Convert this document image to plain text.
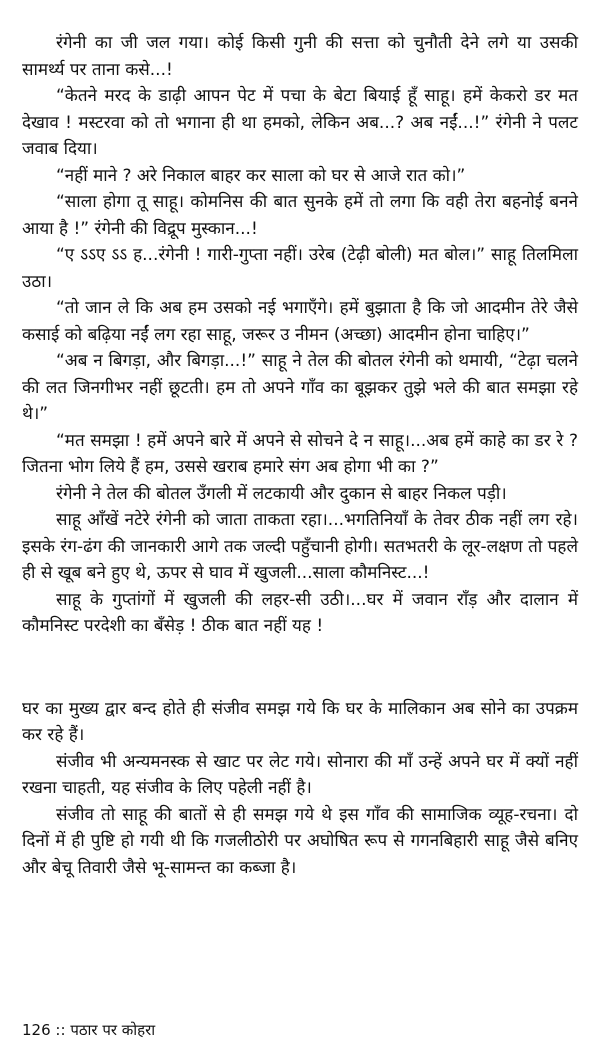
रंगेनी का जी जल गया। कोई किसी गुनी की सत्ता को चुनौती देने लगे या उसकी सामर्थ्य पर ताना कसे...!

“केतने मरद के डाढ़ी आपन पेट में पचा के बेटा बियाई हूँ साहू। हमें केकरो डर मत देखाव ! मस्टरवा को तो भगाना ही था हमको, लेकिन अब...? अब नईं...!” रंगेनी ने पलट जवाब दिया।

“नहीं माने ? अरे निकाल बाहर कर साला को घर से आजे रात को।”

“साला होगा तू साहू। कोमनिस की बात सुनके हमें तो लगा कि वही तेरा बहनोई बनने आया है !” रंगेनी की विद्रूप मुस्कान...!

“ए ऽऽए ऽऽ ह...रंगेनी ! गारी-गुप्ता नहीं। उरेब (टेढ़ी बोली) मत बोल।” साहू तिलमिला उठा।

“तो जान ले कि अब हम उसको नई भगाएँगे। हमें बुझाता है कि जो आदमीन तेरे जैसे कसाई को बढ़िया नईं लग रहा साहू, जरूर उ नीमन (अच्छा) आदमीन होना चाहिए।”

“अब न बिगड़ा, और बिगड़ा...!” साहू ने तेल की बोतल रंगेनी को थमायी, “टेढ़ा चलने की लत जिनगीभर नहीं छूटती। हम तो अपने गाँव का बूझकर तुझे भले की बात समझा रहे थे।”

“मत समझा ! हमें अपने बारे में अपने से सोचने दे न साहू।...अब हमें काहे का डर रे ? जितना भोग लिये हैं हम, उससे खराब हमारे संग अब होगा भी का ?”

रंगेनी ने तेल की बोतल उँगली में लटकायी और दुकान से बाहर निकल पड़ी।

साहू आँखें नटेरे रंगेनी को जाता ताकता रहा।...भगतिनियाँ के तेवर ठीक नहीं लग रहे। इसके रंग-ढंग की जानकारी आगे तक जल्दी पहुँचानी होगी। सतभतरी के लूर-लक्षण तो पहले ही से खूब बने हुए थे, ऊपर से घाव में खुजली...साला कौमनिस्ट...!

साहू के गुप्तांगों में खुजली की लहर-सी उठी।...घर में जवान राँड़ और दालान में कौमनिस्ट परदेशी का बँसेड़ ! ठीक बात नहीं यह !

घर का मुख्य द्वार बन्द होते ही संजीव समझ गये कि घर के मालिकान अब सोने का उपक्रम कर रहे हैं।

संजीव भी अन्यमनस्क से खाट पर लेट गये। सोनारा की माँ उन्हें अपने घर में क्यों नहीं रखना चाहती, यह संजीव के लिए पहेली नहीं है।

संजीव तो साहू की बातों से ही समझ गये थे इस गाँव की सामाजिक व्यूह-रचना। दो दिनों में ही पुष्टि हो गयी थी कि गजलीठोरी पर अघोषित रूप से गगनबिहारी साहू जैसे बनिए और बेचू तिवारी जैसे भू-सामन्त का कब्जा है।

126 :: पठार पर कोहरा
